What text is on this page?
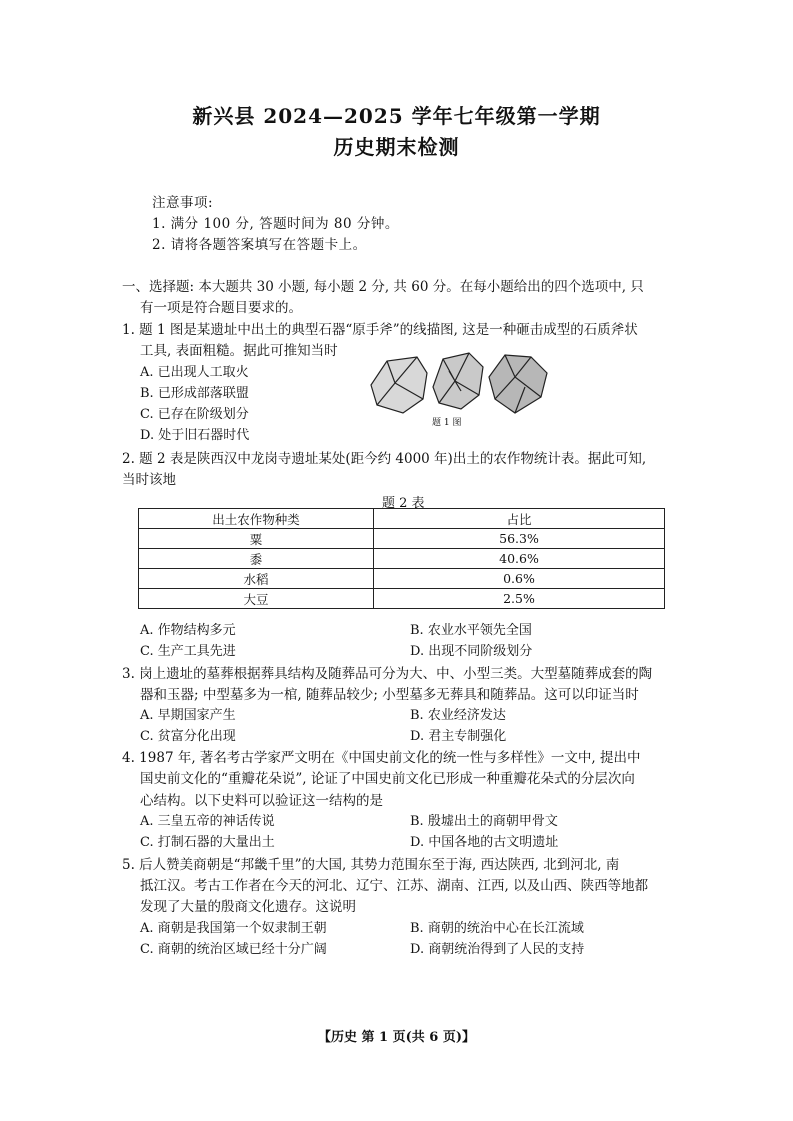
新兴县 2024—2025 学年七年级第一学期
历史期末检测
注意事项:
1. 满分 100 分, 答题时间为 80 分钟。
2. 请将各题答案填写在答题卡上。
一、选择题: 本大题共 30 小题, 每小题 2 分, 共 60 分。在每小题给出的四个选项中, 只
有一项是符合题目要求的。
1. 题 1 图是某遗址中出土的典型石器“原手斧”的线描图, 这是一种砸击成型的石质斧状
工具, 表面粗糙。据此可推知当时
A. 已出现人工取火
B. 已形成部落联盟
C. 已存在阶级划分
D. 处于旧石器时代
题 1 图
2. 题 2 表是陕西汉中龙岗寺遗址某处(距今约 4000 年)出土的农作物统计表。据此可知,
当时该地
题 2 表
出土农作物种类	占比
粟	56.3%
黍	40.6%
水稻	0.6%
大豆	2.5%
A. 作物结构多元	B. 农业水平领先全国
C. 生产工具先进	D. 出现不同阶级划分
3. 岗上遗址的墓葬根据葬具结构及随葬品可分为大、中、小型三类。大型墓随葬成套的陶
器和玉器; 中型墓多为一棺, 随葬品较少; 小型墓多无葬具和随葬品。这可以印证当时
A. 早期国家产生	B. 农业经济发达
C. 贫富分化出现	D. 君主专制强化
4. 1987 年, 著名考古学家严文明在《中国史前文化的统一性与多样性》一文中, 提出中
国史前文化的“重瓣花朵说”, 论证了中国史前文化已形成一种重瓣花朵式的分层次向
心结构。以下史料可以验证这一结构的是
A. 三皇五帝的神话传说	B. 殷墟出土的商朝甲骨文
C. 打制石器的大量出土	D. 中国各地的古文明遗址
5. 后人赞美商朝是“邦畿千里”的大国, 其势力范围东至于海, 西达陕西, 北到河北, 南
抵江汉。考古工作者在今天的河北、辽宁、江苏、湖南、江西, 以及山西、陕西等地都
发现了大量的殷商文化遗存。这说明
A. 商朝是我国第一个奴隶制王朝	B. 商朝的统治中心在长江流域
C. 商朝的统治区域已经十分广阔	D. 商朝统治得到了人民的支持
【历史 第 1 页(共 6 页)】
